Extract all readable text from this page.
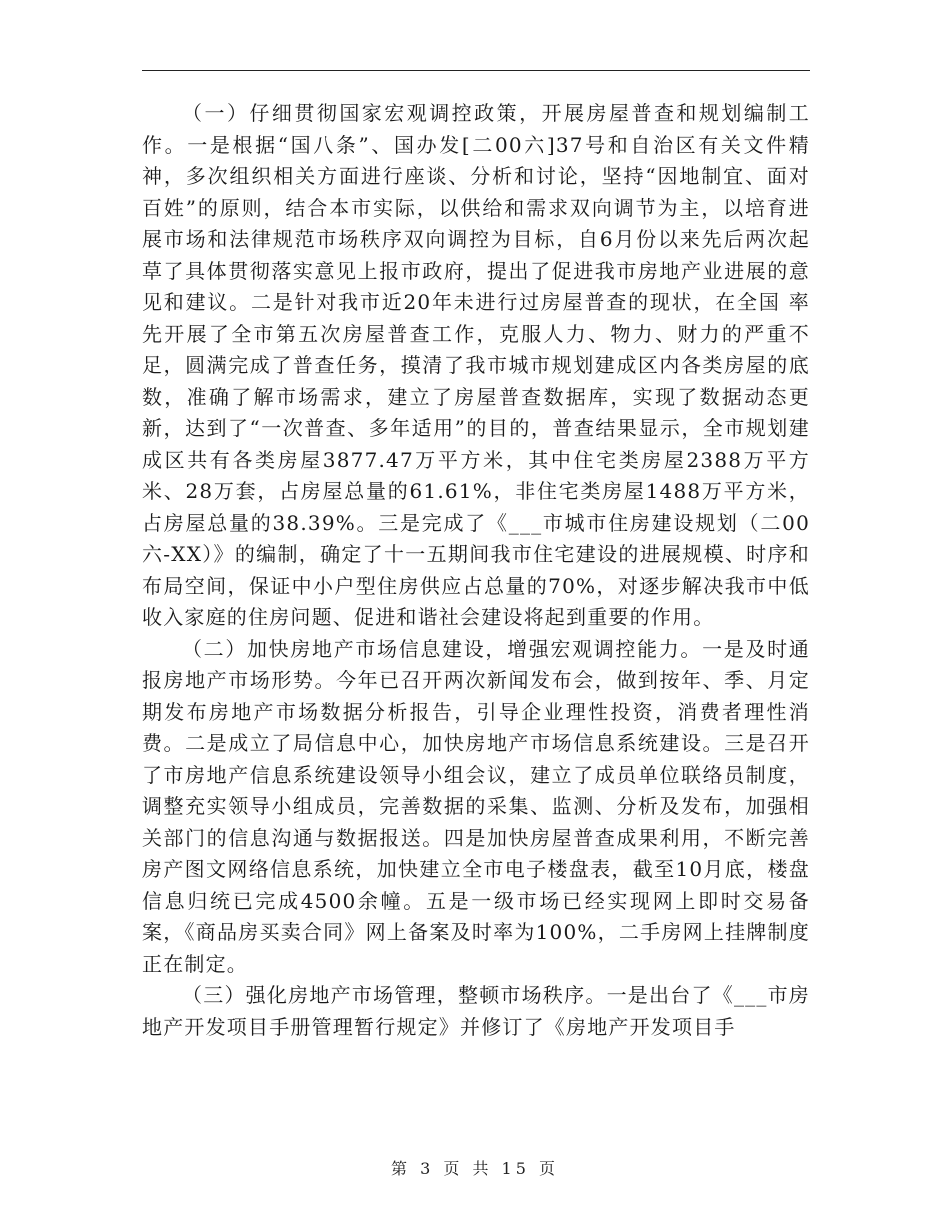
（一）仔细贯彻国家宏观调控政策，开展房屋普查和规划编制工作。一是根据“国八条”、国办发[二00六]37号和自治区有关文件精神，多次组织相关方面进行座谈、分析和讨论，坚持“因地制宜、面对百姓”的原则，结合本市实际，以供给和需求双向调节为主，以培育进展市场和法律规范市场秩序双向调控为目标，自6月份以来先后两次起草了具体贯彻落实意见上报市政府，提出了促进我市房地产业进展的意见和建议。二是针对我市近20年未进行过房屋普查的现状，在全国 率先开展了全市第五次房屋普查工作，克服人力、物力、财力的严重不足，圆满完成了普查任务，摸清了我市城市规划建成区内各类房屋的底数，准确了解市场需求，建立了房屋普查数据库，实现了数据动态更新，达到了“一次普查、多年适用”的目的，普查结果显示，全市规划建成区共有各类房屋3877.47万平方米，其中住宅类房屋2388万平方米、28万套，占房屋总量的61.61%，非住宅类房屋1488万平方米，占房屋总量的38.39%。三是完成了《___市城市住房建设规划（二00六-XX）》的编制，确定了十一五期间我市住宅建设的进展规模、时序和布局空间，保证中小户型住房供应占总量的70%，对逐步解决我市中低收入家庭的住房问题、促进和谐社会建设将起到重要的作用。

（二）加快房地产市场信息建设，增强宏观调控能力。一是及时通报房地产市场形势。今年已召开两次新闻发布会，做到按年、季、月定期发布房地产市场数据分析报告，引导企业理性投资，消费者理性消费。二是成立了局信息中心，加快房地产市场信息系统建设。三是召开了市房地产信息系统建设领导小组会议，建立了成员单位联络员制度，调整充实领导小组成员，完善数据的采集、监测、分析及发布，加强相关部门的信息沟通与数据报送。四是加快房屋普查成果利用，不断完善房产图文网络信息系统，加快建立全市电子楼盘表，截至10月底，楼盘信息归统已完成4500余幢。五是一级市场已经实现网上即时交易备案，《商品房买卖合同》网上备案及时率为100%，二手房网上挂牌制度正在制定。

（三）强化房地产市场管理，整顿市场秩序。一是出台了《___市房地产开发项目手册管理暂行规定》并修订了《房地产开发项目手

第 3 页 共 15 页
